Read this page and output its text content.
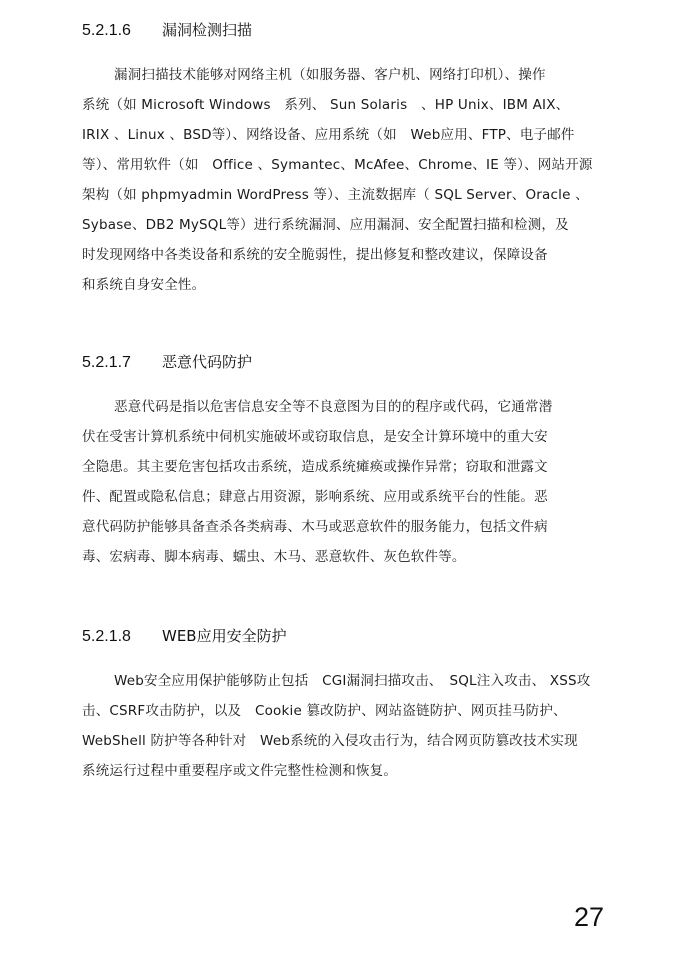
5.2.1.6	漏洞检测扫描
漏洞扫描技术能够对网络主机（如服务器、客户机、网络打印机）、操作
系统（如 Microsoft Windows　系列、 Sun Solaris　、HP Unix、IBM AIX、
IRIX 、Linux 、BSD等）、网络设备、应用系统（如　Web应用、FTP、电子邮件
等）、常用软件（如　Office 、Symantec、McAfee、Chrome、IE 等）、网站开源
架构（如 phpmyadmin WordPress 等）、主流数据库（ SQL Server、Oracle 、
Sybase、DB2 MySQL等）进行系统漏洞、应用漏洞、安全配置扫描和检测，及
时发现网络中各类设备和系统的安全脆弱性，提出修复和整改建议，保障设备
和系统自身安全性。
5.2.1.7	恶意代码防护
恶意代码是指以危害信息安全等不良意图为目的的程序或代码，它通常潜
伏在受害计算机系统中伺机实施破坏或窃取信息，是安全计算环境中的重大安
全隐患。其主要危害包括攻击系统，造成系统瘫痪或操作异常；窃取和泄露文
件、配置或隐私信息；肆意占用资源，影响系统、应用或系统平台的性能。恶
意代码防护能够具备查杀各类病毒、木马或恶意软件的服务能力，包括文件病
毒、宏病毒、脚本病毒、蠕虫、木马、恶意软件、灰色软件等。
5.2.1.8	WEB应用安全防护
Web安全应用保护能够防止包括　CGI漏洞扫描攻击、　SQL注入攻击、 XSS攻
击、CSRF攻击防护，以及　Cookie 篡改防护、网站盗链防护、网页挂马防护、
WebShell 防护等各种针对　Web系统的入侵攻击行为，结合网页防篡改技术实现
系统运行过程中重要程序或文件完整性检测和恢复。
27
